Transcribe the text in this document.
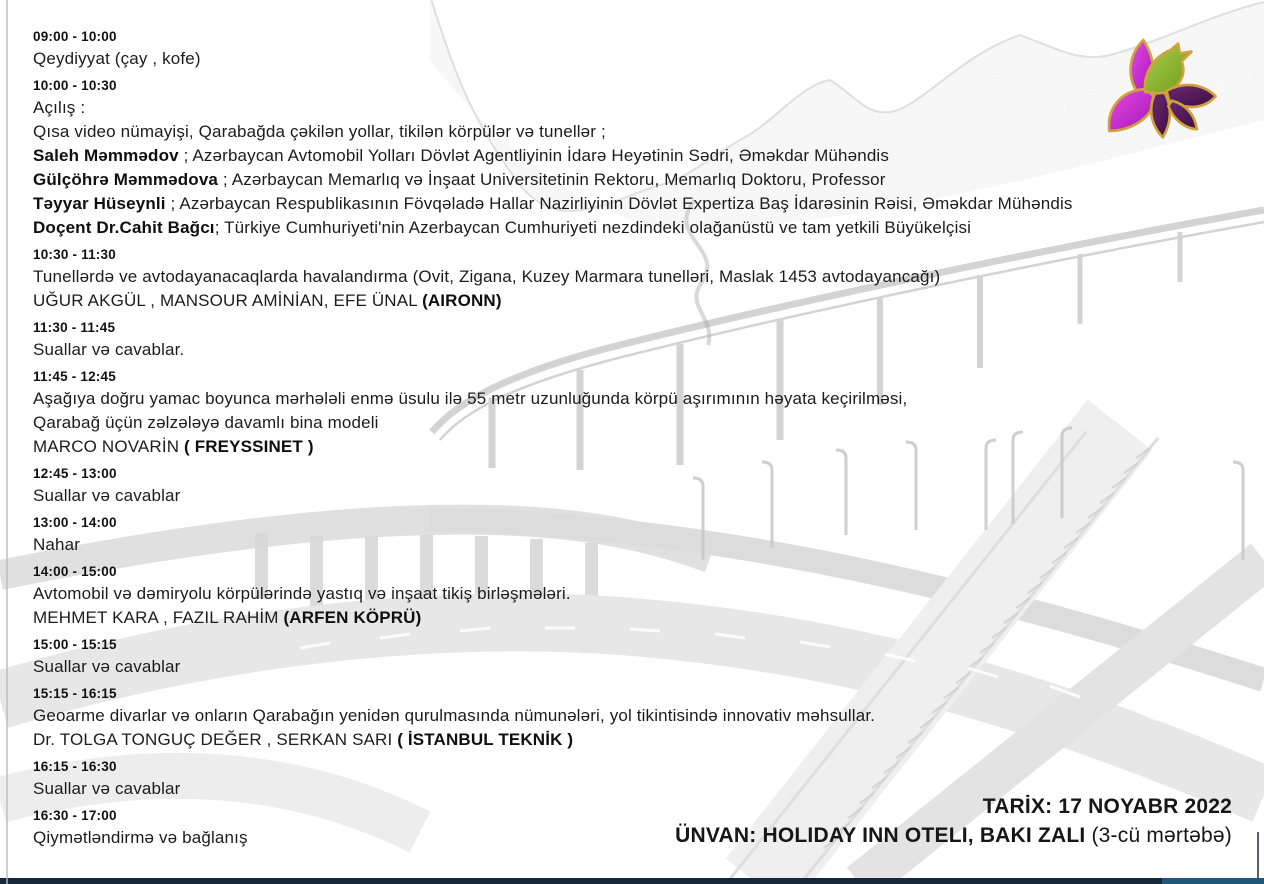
09:00 - 10:00
Qeydiyyat (çay , kofe)
10:00 - 10:30
Açılış :
Qısa video nümayişi, Qarabağda çəkilən yollar, tikilən körpülər və tunellər ;
Saleh Məmmədov ; Azərbaycan Avtomobil Yolları Dövlət Agentliyinin İdarə Heyətinin Sədri, Əməkdar Mühəndis
Gülçöhrə Məmmədova ; Azərbaycan Memarlıq və İnşaat Universitetinin Rektoru, Memarlıq Doktoru, Professor
Təyyar Hüseynli ; Azərbaycan Respublikasının Fövqəladə Hallar Nazirliyinin Dövlət Expertiza Baş İdarəsinin Rəisi, Əməkdar Mühəndis
Doçent Dr.Cahit Bağcı; Türkiye Cumhuriyeti'nin Azerbaycan Cumhuriyeti nezdindeki olağanüstü ve tam yetkili Büyükelçisi
10:30 - 11:30
Tunellərdə ve avtodayanacaqlarda havalandırma (Ovit, Zigana, Kuzey Marmara tunelləri, Maslak 1453 avtodayancağı)
UĞUR AKGÜL , MANSOUR AMİNİAN, EFE ÜNAL (AIRONN)
11:30 - 11:45
Suallar və cavablar.
11:45 - 12:45
Aşağıya doğru yamac boyunca mərhələli enmə üsulu ilə 55 metr uzunluğunda körpü aşırımının həyata keçirilməsi,
Qarabağ üçün zəlzələyə davamlı bina modeli
MARCO NOVARİN ( FREYSSINET )
12:45 - 13:00
Suallar və cavablar
13:00 - 14:00
Nahar
14:00 - 15:00
Avtomobil və dəmiryolu körpülərində yastıq və inşaat tikiş birləşmələri.
MEHMET KARA , FAZIL RAHİM (ARFEN KÖPRÜ)
15:00 - 15:15
Suallar və cavablar
15:15 - 16:15
Geoarme divarlar və onların Qarabağın yenidən qurulmasında nümunələri, yol tikintisində innovativ məhsullar.
Dr. TOLGA TONGUÇ DEĞER , SERKAN SARI ( İSTANBUL TEKNİK )
16:15 - 16:30
Suallar və cavablar
16:30 - 17:00
Qiymətləndirmə və bağlanış
TARİX: 17 NOYABR 2022
ÜNVAN: HOLIDAY INN OTELI, BAKI ZALI (3-cü mərtəbə)
